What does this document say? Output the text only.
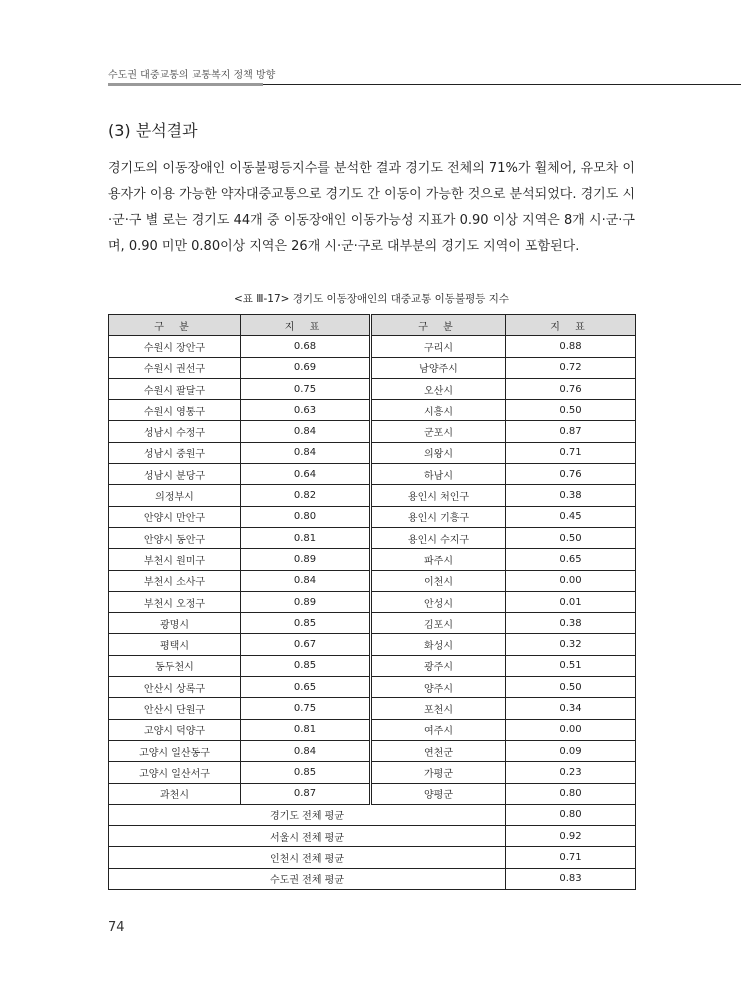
수도권 대중교통의 교통복지 정책 방향
(3) 분석결과

경기도의 이동장애인 이동불평등지수를 분석한 결과 경기도 전체의 71%가 휠체어, 유모차 이용자가 이용 가능한 약자대중교통으로 경기도 간 이동이 가능한 것으로 분석되었다. 경기도 시·군·구 별 로는 경기도 44개 중 이동장애인 이동가능성 지표가 0.90 이상 지역은 8개 시·군·구며, 0.90 미만 0.80이상 지역은 26개 시·군·구로 대부분의 경기도 지역이 포함된다.

<표 Ⅲ-17> 경기도 이동장애인의 대중교통 이동불평등 지수
구 분	지 표	구 분	지 표
수원시 장안구	0.68	구리시	0.88
수원시 권선구	0.69	남양주시	0.72
수원시 팔달구	0.75	오산시	0.76
수원시 영통구	0.63	시흥시	0.50
성남시 수정구	0.84	군포시	0.87
성남시 중원구	0.84	의왕시	0.71
성남시 분당구	0.64	하남시	0.76
의정부시	0.82	용인시 처인구	0.38
안양시 만안구	0.80	용인시 기흥구	0.45
안양시 동안구	0.81	용인시 수지구	0.50
부천시 원미구	0.89	파주시	0.65
부천시 소사구	0.84	이천시	0.00
부천시 오정구	0.89	안성시	0.01
광명시	0.85	김포시	0.38
평택시	0.67	화성시	0.32
동두천시	0.85	광주시	0.51
안산시 상록구	0.65	양주시	0.50
안산시 단원구	0.75	포천시	0.34
고양시 덕양구	0.81	여주시	0.00
고양시 일산동구	0.84	연천군	0.09
고양시 일산서구	0.85	가평군	0.23
과천시	0.87	양평군	0.80
경기도 전체 평균			0.80
서울시 전체 평균			0.92
인천시 전체 평균			0.71
수도권 전체 평균			0.83
74
